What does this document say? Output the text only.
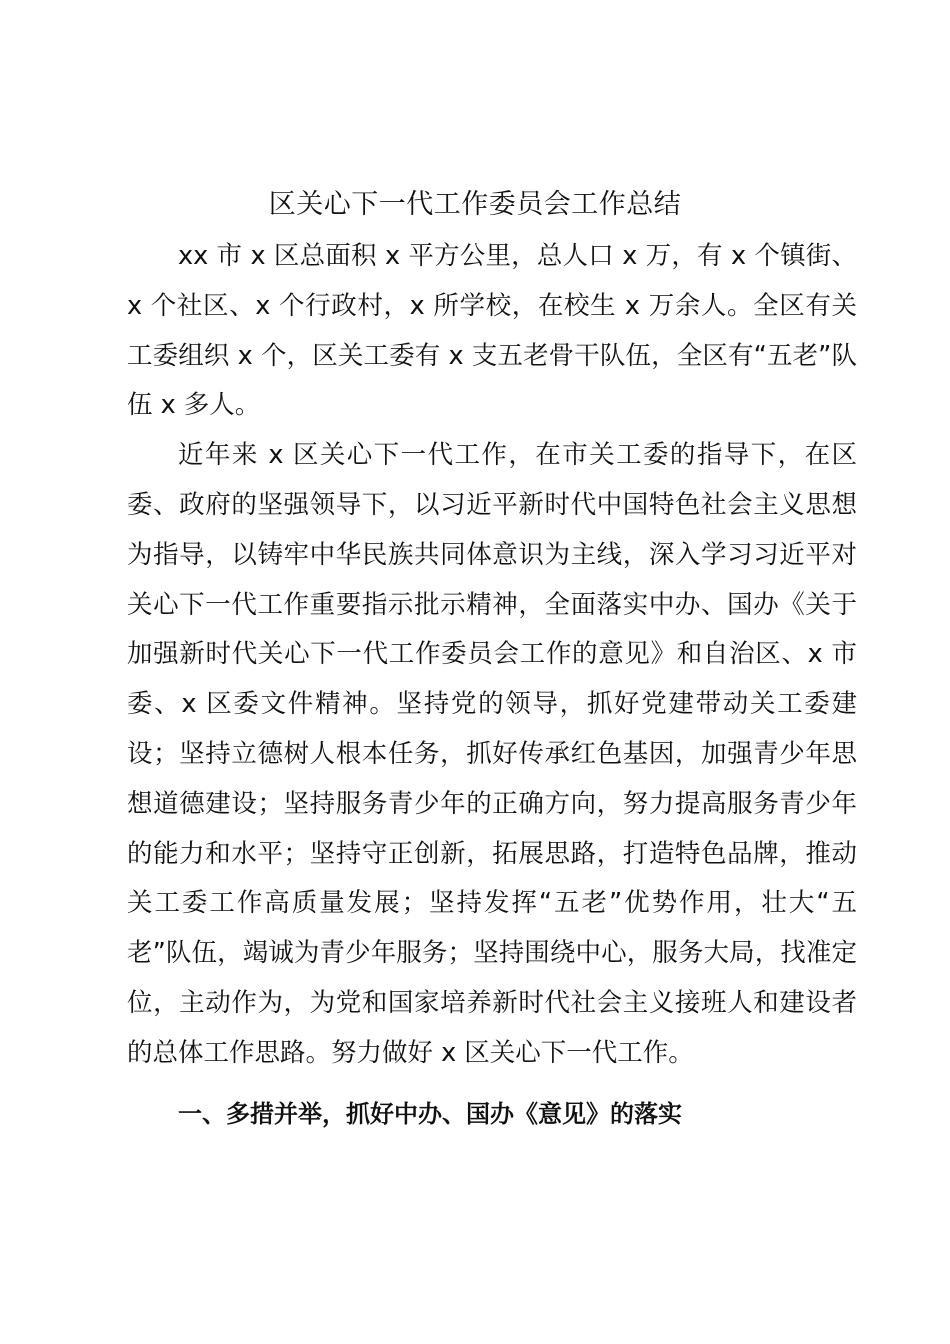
区关心下一代工作委员会工作总结

xx 市 x 区总面积 x 平方公里，总人口 x 万，有 x 个镇街、x 个社区、x 个行政村，x 所学校，在校生 x 万余人。全区有关工委组织 x 个，区关工委有 x 支五老骨干队伍，全区有“五老”队伍 x 多人。

近年来 x 区关心下一代工作，在市关工委的指导下，在区委、政府的坚强领导下，以习近平新时代中国特色社会主义思想为指导，以铸牢中华民族共同体意识为主线，深入学习习近平对关心下一代工作重要指示批示精神，全面落实中办、国办《关于加强新时代关心下一代工作委员会工作的意见》和自治区、x 市委、x 区委文件精神。坚持党的领导，抓好党建带动关工委建设；坚持立德树人根本任务，抓好传承红色基因，加强青少年思想道德建设；坚持服务青少年的正确方向，努力提高服务青少年的能力和水平；坚持守正创新，拓展思路，打造特色品牌，推动关工委工作高质量发展；坚持发挥“五老”优势作用，壮大“五老”队伍，竭诚为青少年服务；坚持围绕中心，服务大局，找准定位，主动作为，为党和国家培养新时代社会主义接班人和建设者的总体工作思路。努力做好 x 区关心下一代工作。

一、多措并举，抓好中办、国办《意见》的落实
